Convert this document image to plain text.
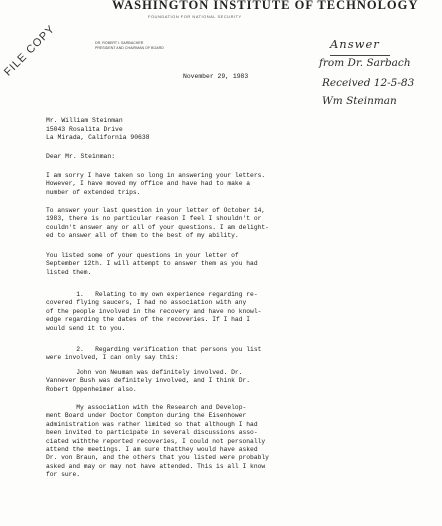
WASHINGTON INSTITUTE OF TECHNOLOGY
FOUNDATION FOR NATIONAL SECURITY
DR. ROBERT I. SARBACHER
PRESIDENT AND CHAIRMAN OF BOARD
FILE COPY	Answer
from Dr. Sarbach
Received 12-5-83
Wm Steinman
November 29, 1983
Mr. William Steinman
15043 Rosalita Drive
La Mirada, California 90638
Dear Mr. Steinman:
I am sorry I have taken so long in answering your letters.
However, I have moved my office and have had to make a
number of extended trips.
To answer your last question in your letter of October 14,
1983, there is no particular reason I feel I shouldn't or
couldn't answer any or all of your questions. I am delight-
ed to answer all of them to the best of my ability.
You listed some of your questions in your letter of
September 12th. I will attempt to answer them as you had
listed them.
1.   Relating to my own experience regarding re-
covered flying saucers, I had no association with any
of the people involved in the recovery and have no knowl-
edge regarding the dates of the recoveries. If I had I
would send it to you.
2.   Regarding verification that persons you list
were involved, I can only say this:
John von Neuman was definitely involved. Dr.
Vannever Bush was definitely involved, and I think Dr.
Robert Oppenheimer also.
My association with the Research and Develop-
ment Board under Doctor Compton during the Eisenhower
administration was rather limited so that although I had
been invited to participate in several discussions asso-
ciated withthe reported recoveries, I could not personally
attend the meetings. I am sure thatthey would have asked
Dr. von Braun, and the others that you listed were probably
asked and may or may not have attended. This is all I know
for sure.
